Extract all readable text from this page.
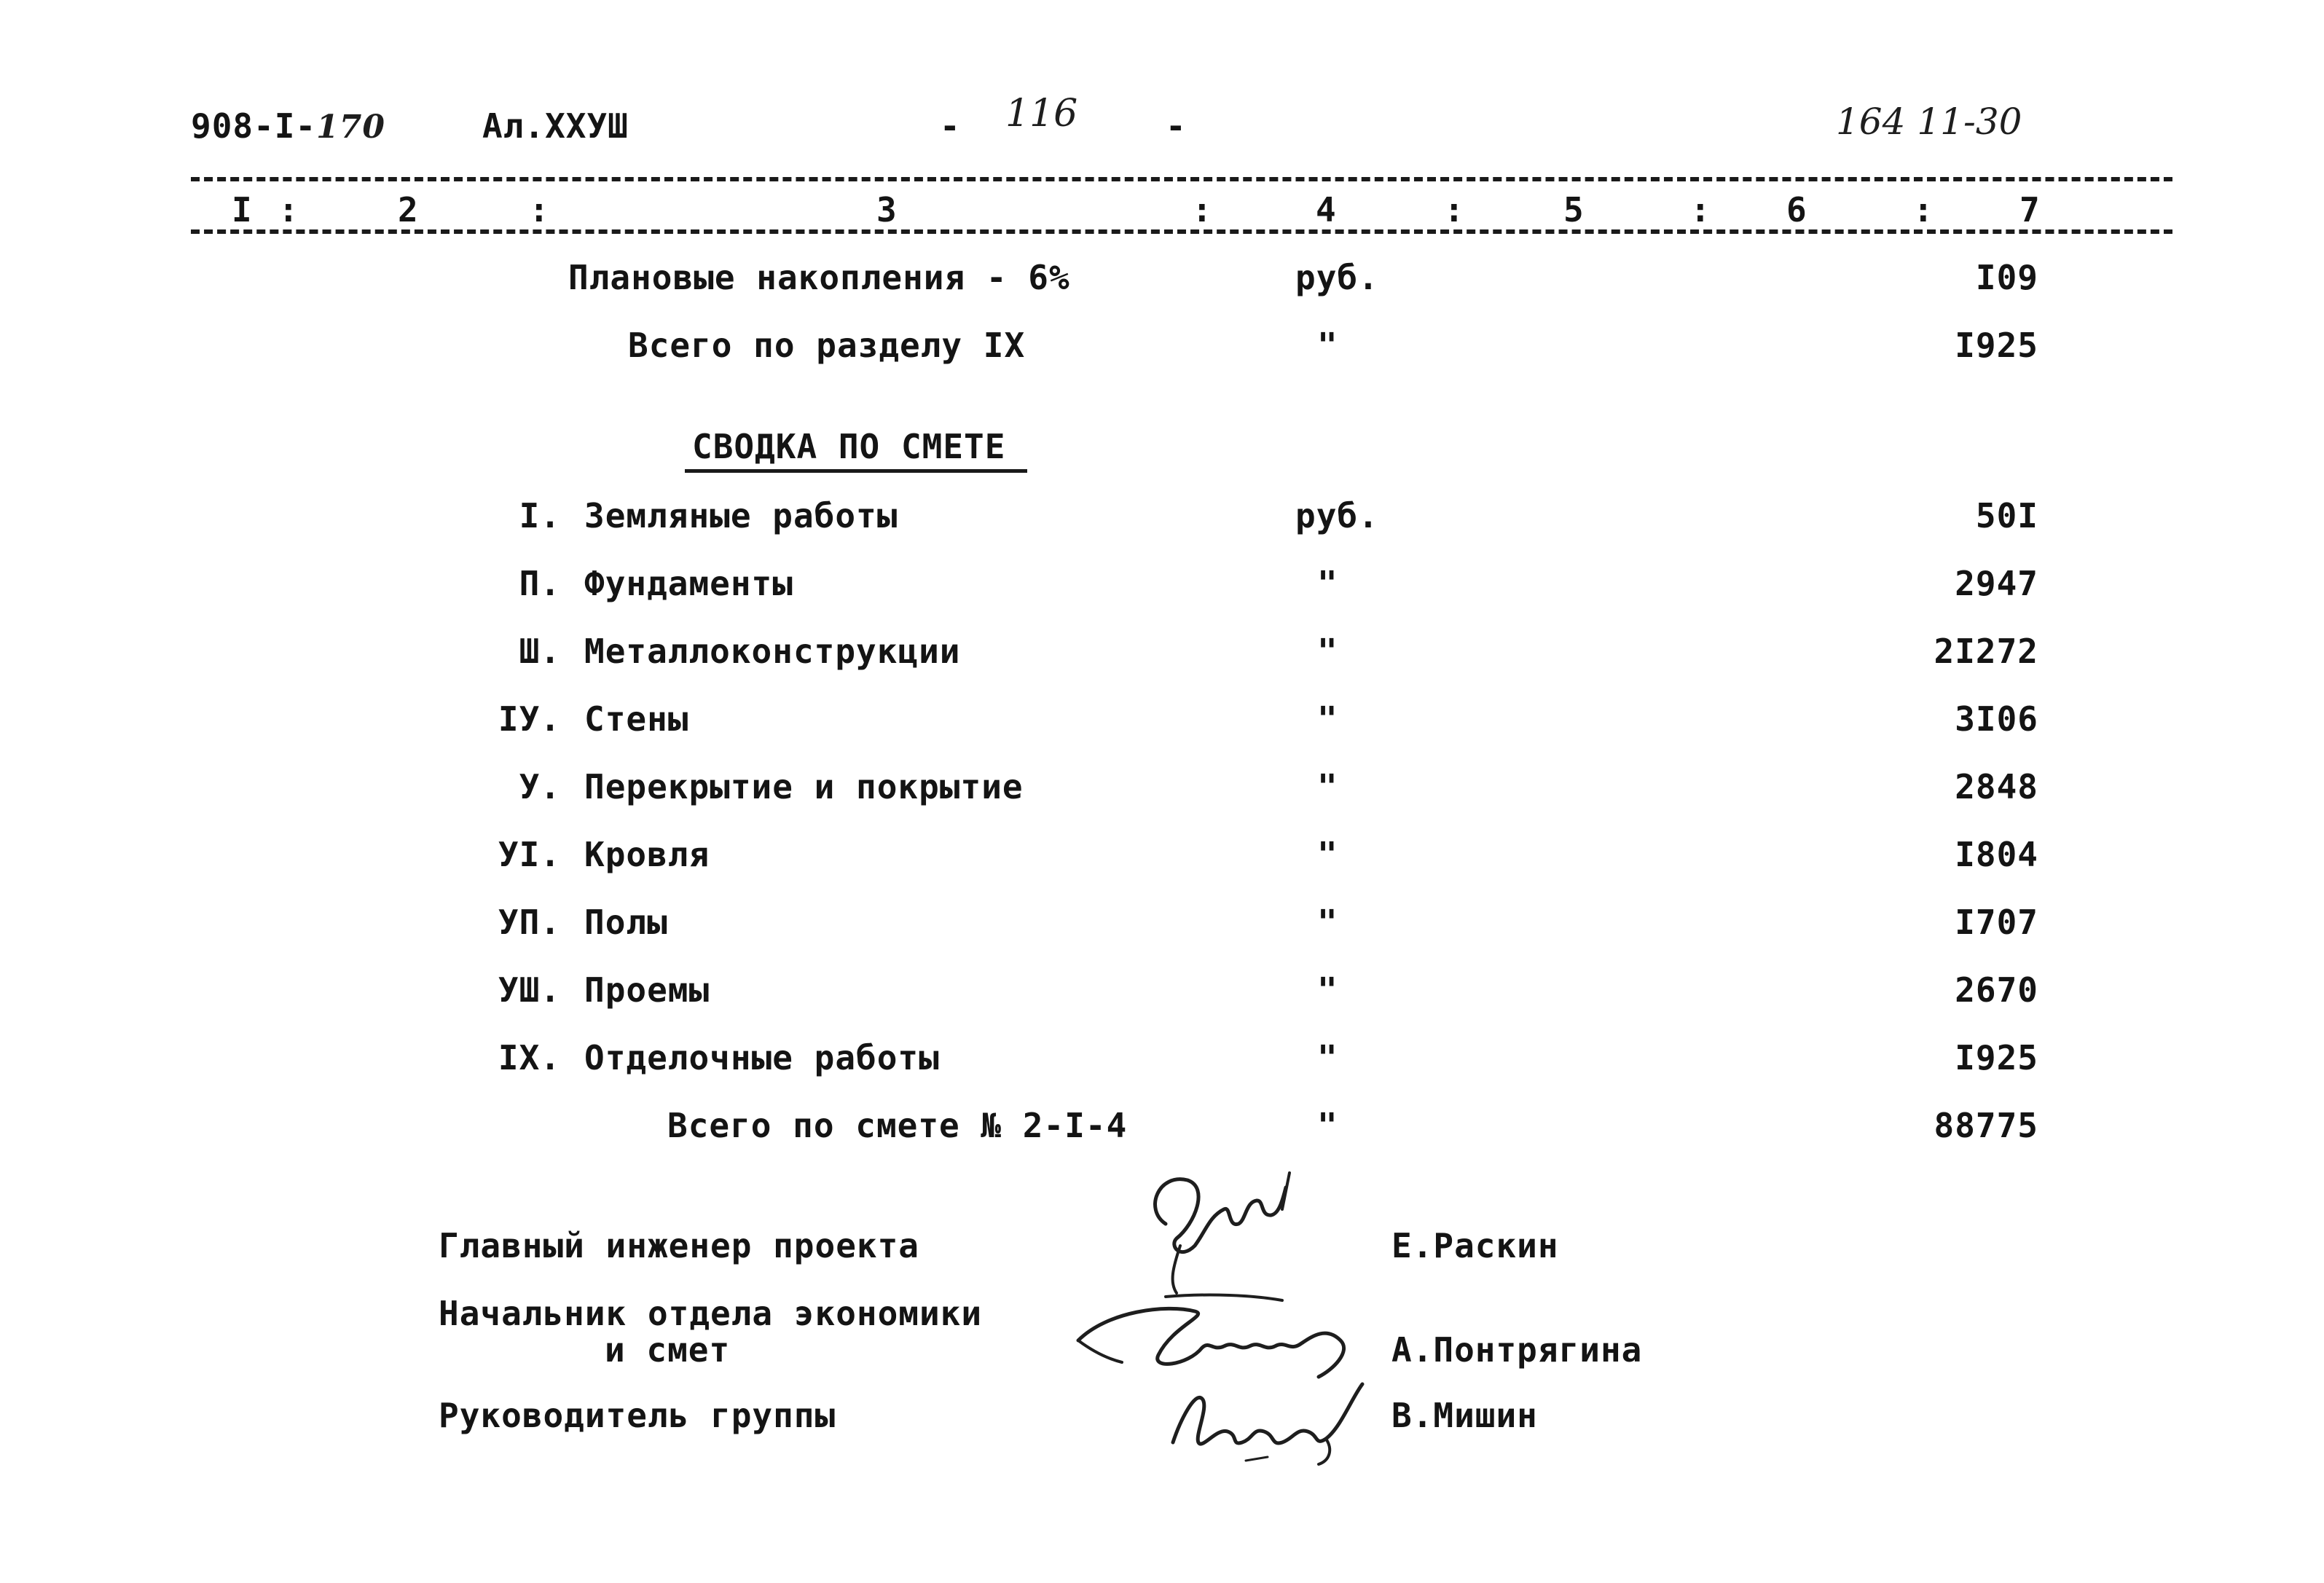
908-I-170	Ал.XXУШ	- 116	-	164 11-30
I :	2	:	3	:	4	:	5	: 6	:	7
Плановые накопления - 6%	руб.	I09
Всего по разделу IX	"	I925
СВОДКА ПО СМЕТЕ
I. Земляные работы	руб.	50I
П. Фундаменты	"	2947
Ш. Металлоконструкции	"	2I272
IУ. Стены	"	3I06
У. Перекрытие и покрытие	"	2848
УI. Кровля	"	I804
УП. Полы	"	I707
УШ. Проемы	"	2670
IX. Отделочные работы	"	I925
Всего по смете № 2-I-4	"	88775
Главный инженер проекта	Е.Раскин
Начальник отдела экономики
и смет	А.Понтрягина
Руководитель группы	В.Мишин
